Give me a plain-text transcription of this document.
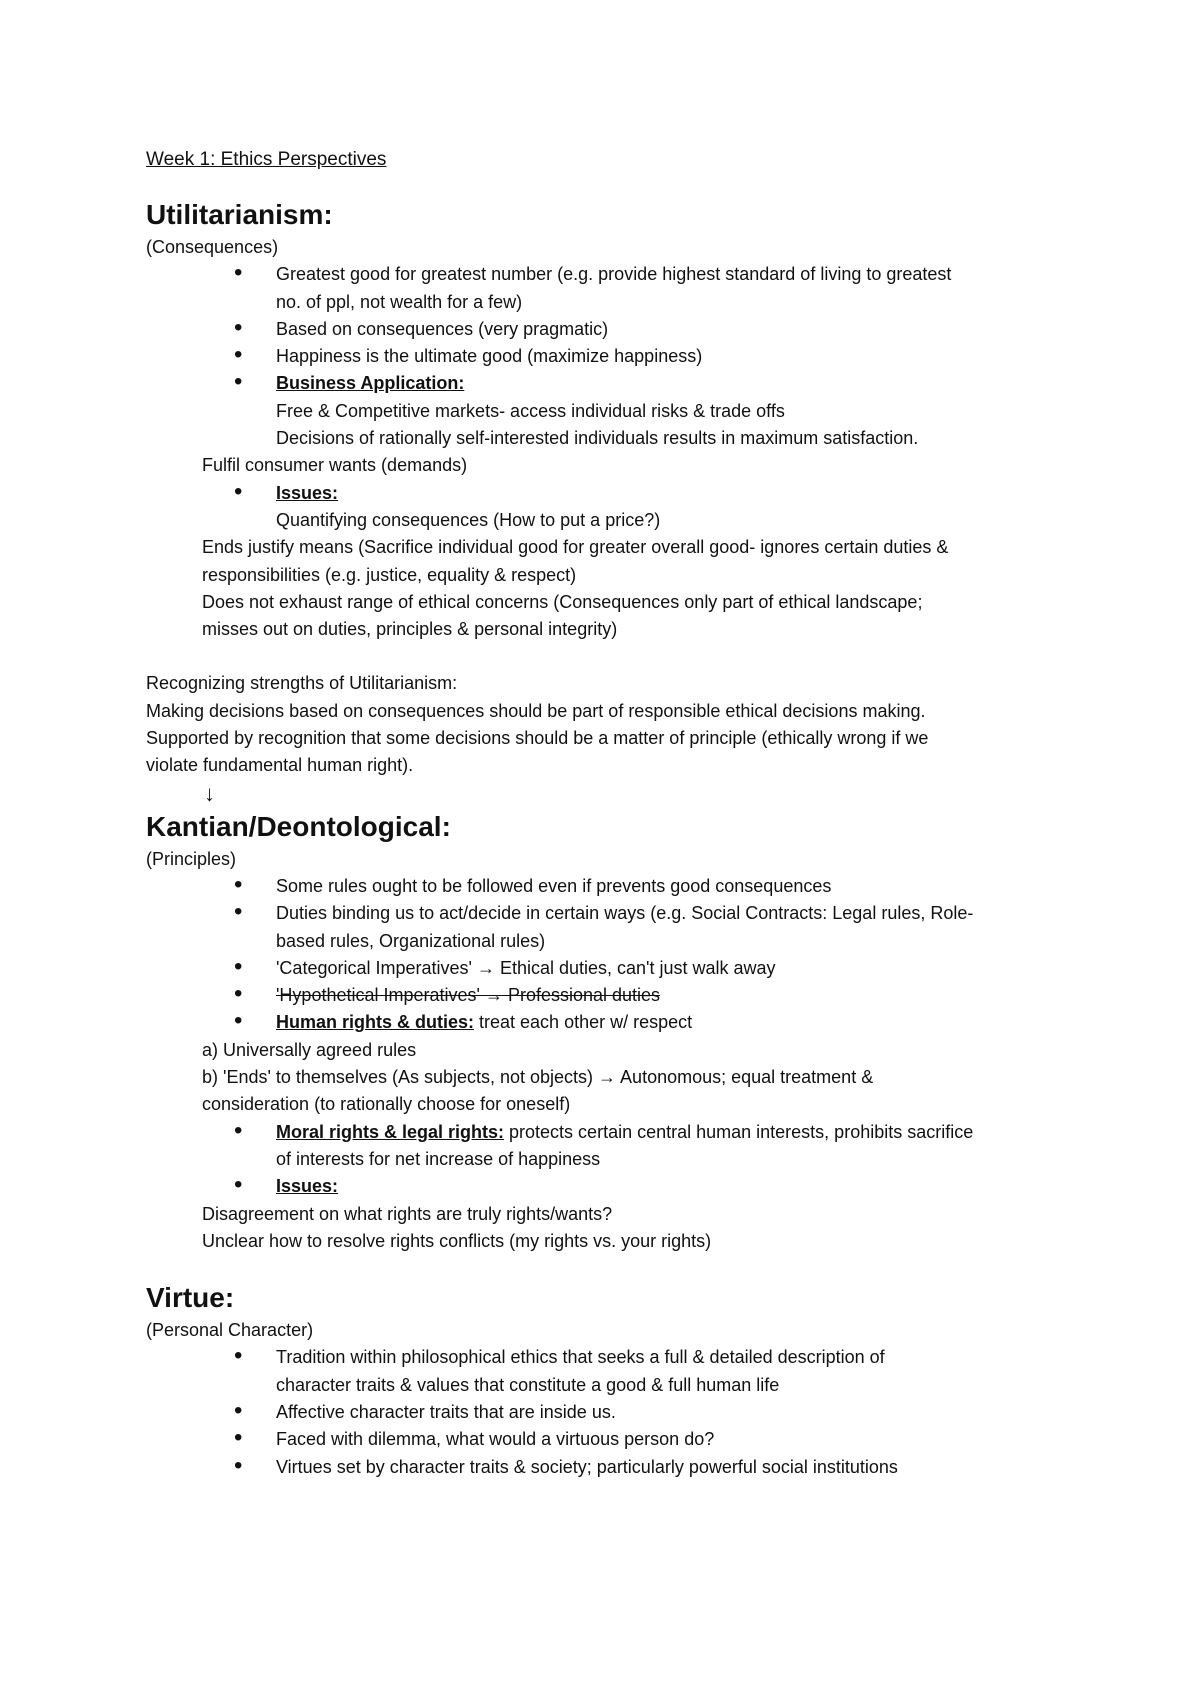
Week 1: Ethics Perspectives
Utilitarianism:
(Consequences)
• Greatest good for greatest number (e.g. provide highest standard of living to greatest
no. of ppl, not wealth for a few)
• Based on consequences (very pragmatic)
• Happiness is the ultimate good (maximize happiness)
• Business Application:
Free & Competitive markets- access individual risks & trade offs
Decisions of rationally self-interested individuals results in maximum satisfaction.
Fulfil consumer wants (demands)
• Issues:
Quantifying consequences (How to put a price?)
Ends justify means (Sacrifice individual good for greater overall good- ignores certain duties &
responsibilities (e.g. justice, equality & respect)
Does not exhaust range of ethical concerns (Consequences only part of ethical landscape;
misses out on duties, principles & personal integrity)
Recognizing strengths of Utilitarianism:
Making decisions based on consequences should be part of responsible ethical decisions making.
Supported by recognition that some decisions should be a matter of principle (ethically wrong if we
violate fundamental human right).
↓
Kantian/Deontological:
(Principles)
• Some rules ought to be followed even if prevents good consequences
• Duties binding us to act/decide in certain ways (e.g. Social Contracts: Legal rules, Role-
based rules, Organizational rules)
• 'Categorical Imperatives' → Ethical duties, can't just walk away
• 'Hypothetical Imperatives' → Professional duties
• Human rights & duties: treat each other w/ respect
a) Universally agreed rules
b) 'Ends' to themselves (As subjects, not objects) → Autonomous; equal treatment &
consideration (to rationally choose for oneself)
• Moral rights & legal rights: protects certain central human interests, prohibits sacrifice
of interests for net increase of happiness
• Issues:
Disagreement on what rights are truly rights/wants?
Unclear how to resolve rights conflicts (my rights vs. your rights)
Virtue:
(Personal Character)
• Tradition within philosophical ethics that seeks a full & detailed description of
character traits & values that constitute a good & full human life
• Affective character traits that are inside us.
• Faced with dilemma, what would a virtuous person do?
• Virtues set by character traits & society; particularly powerful social institutions
